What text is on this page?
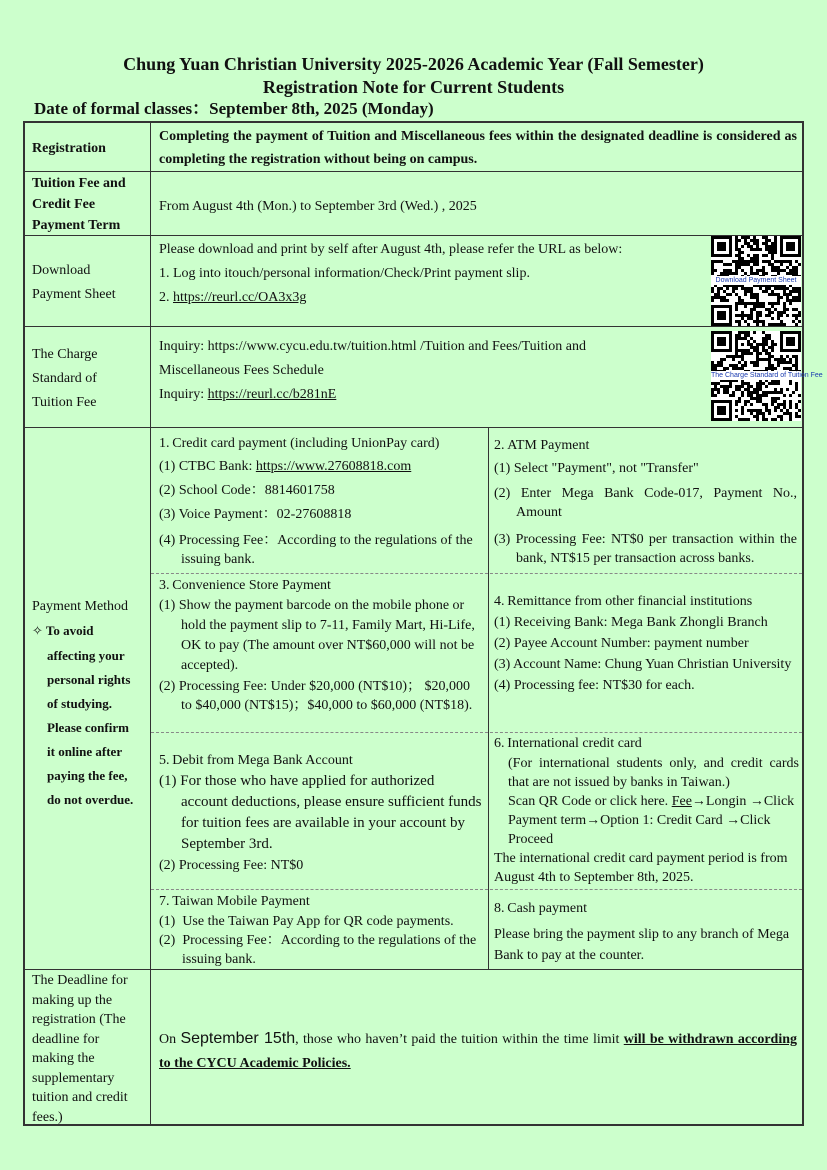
Chung Yuan Christian University 2025-2026 Academic Year (Fall Semester)
Registration Note for Current Students
Date of formal classes：September 8th, 2025 (Monday)
Registration
Completing the payment of Tuition and Miscellaneous fees within the designated deadline is considered as completing the registration without being on campus.
Tuition Fee and
Credit Fee
Payment Term
From August 4th (Mon.) to September 3rd (Wed.) , 2025
Download
Payment Sheet
Please download and print by self after August 4th, please refer the URL as below:
1. Log into itouch/personal information/Check/Print payment slip.
2. https://reurl.cc/OA3x3g
Download Payment Sheet
The Charge
Standard of
Tuition Fee
Inquiry: https://www.cycu.edu.tw/tuition.html /Tuition and Fees/Tuition and
Miscellaneous Fees Schedule
Inquiry: https://reurl.cc/b281nE
The Charge Standard of Tuition Fee
Payment Method
✧ To avoid
affecting your
personal rights
of studying.
Please confirm
it online after
paying the fee,
do not overdue.
1. Credit card payment (including UnionPay card)
(1) CTBC Bank: https://www.27608818.com
(2) School Code：8814601758
(3) Voice Payment：02-27608818
(4) Processing Fee：According to the regulations of the issuing bank.
2. ATM Payment
(1) Select "Payment", not "Transfer"
(2) Enter Mega Bank Code-017, Payment No., Amount
(3) Processing Fee: NT$0 per transaction within the bank, NT$15 per transaction across banks.
3. Convenience Store Payment
(1) Show the payment barcode on the mobile phone or hold the payment slip to 7-11, Family Mart, Hi-Life, OK to pay (The amount over NT$60,000 will not be accepted).
(2) Processing Fee: Under $20,000 (NT$10)； $20,000 to $40,000 (NT$15)；$40,000 to $60,000 (NT$18).
4. Remittance from other financial institutions
(1) Receiving Bank: Mega Bank Zhongli Branch
(2) Payee Account Number: payment number
(3) Account Name: Chung Yuan Christian University
(4) Processing fee: NT$30 for each.
5. Debit from Mega Bank Account
(1) For those who have applied for authorized account deductions, please ensure sufficient funds for tuition fees are available in your account by September 3rd.
(2) Processing Fee: NT$0
6. International credit card
(For international students only, and credit cards that are not issued by banks in Taiwan.)
Scan QR Code or click here. Fee→Longin →Click Payment term→Option 1: Credit Card →Click Proceed
The international credit card payment period is from August 4th to September 8th, 2025.
7. Taiwan Mobile Payment
(1) Use the Taiwan Pay App for QR code payments.
(2) Processing Fee：According to the regulations of the issuing bank.
8. Cash payment
Please bring the payment slip to any branch of Mega Bank to pay at the counter.
The Deadline for
making up the
registration (The
deadline for
making the
supplementary
tuition and credit
fees.)
On September 15th, those who haven’t paid the tuition within the time limit will be withdrawn according to the CYCU Academic Policies.
